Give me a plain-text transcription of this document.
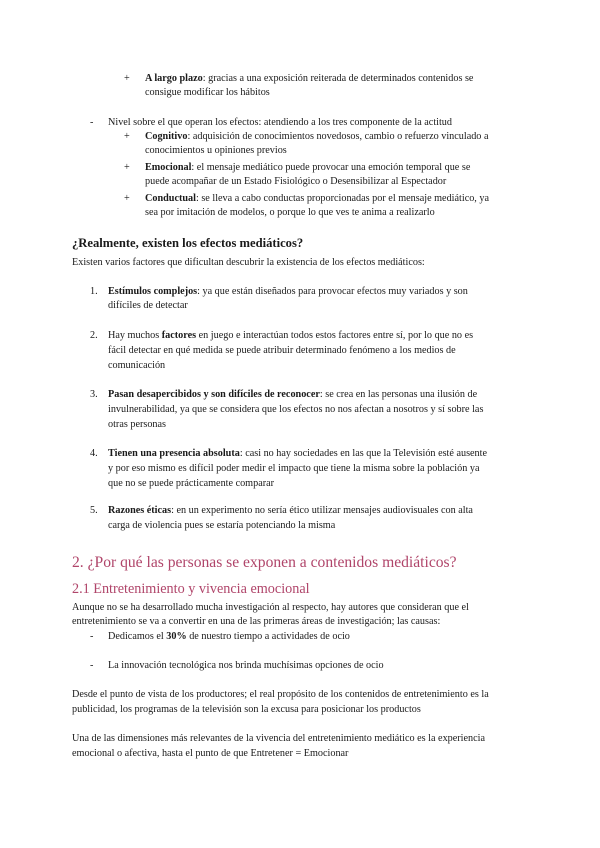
+ A largo plazo: gracias a una exposición reiterada de determinados contenidos se
consigue modificar los hábitos
- Nivel sobre el que operan los efectos: atendiendo a los tres componente de la actitud
+ Cognitivo: adquisición de conocimientos novedosos, cambio o refuerzo vinculado a
conocimientos u opiniones previos
+ Emocional: el mensaje mediático puede provocar una emoción temporal que se
puede acompañar de un Estado Fisiológico o Desensibilizar al Espectador
+ Conductual: se lleva a cabo conductas proporcionadas por el mensaje mediático, ya
sea por imitación de modelos, o porque lo que ves te anima a realizarlo
¿Realmente, existen los efectos mediáticos?
Existen varios factores que dificultan descubrir la existencia de los efectos mediáticos:
1. Estímulos complejos: ya que están diseñados para provocar efectos muy variados y son
difíciles de detectar
2. Hay muchos factores en juego e interactúan todos estos factores entre sí, por lo que no es
fácil detectar en qué medida se puede atribuir determinado fenómeno a los medios de
comunicación
3. Pasan desapercibidos y son difíciles de reconocer: se crea en las personas una ilusión de
invulnerabilidad, ya que se considera que los efectos no nos afectan a nosotros y sí sobre las
otras personas
4. Tienen una presencia absoluta: casi no hay sociedades en las que la Televisión esté ausente
y por eso mismo es difícil poder medir el impacto que tiene la misma sobre la población ya
que no se puede prácticamente comparar
5. Razones éticas: en un experimento no sería ético utilizar mensajes audiovisuales con alta
carga de violencia pues se estaría potenciando la misma
2. ¿Por qué las personas se exponen a contenidos mediáticos?
2.1 Entretenimiento y vivencia emocional
Aunque no se ha desarrollado mucha investigación al respecto, hay autores que consideran que el
entretenimiento se va a convertir en una de las primeras áreas de investigación; las causas:
- Dedicamos el 30% de nuestro tiempo a actividades de ocio
- La innovación tecnológica nos brinda muchísimas opciones de ocio
Desde el punto de vista de los productores; el real propósito de los contenidos de entretenimiento es la
publicidad, los programas de la televisión son la excusa para posicionar los productos
Una de las dimensiones más relevantes de la vivencia del entretenimiento mediático es la experiencia
emocional o afectiva, hasta el punto de que Entretener = Emocionar
